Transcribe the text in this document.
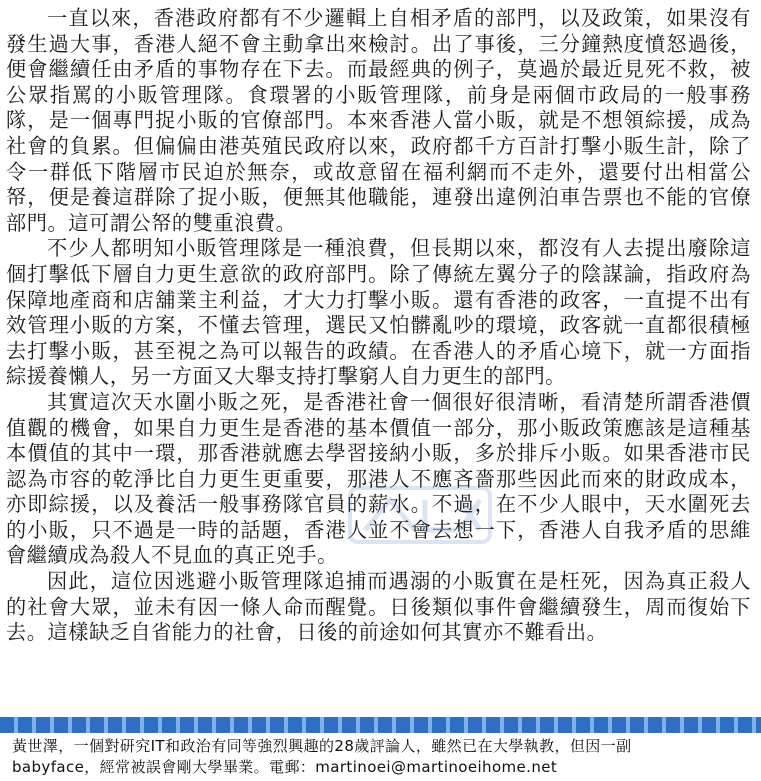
一直以來，香港政府都有不少邏輯上自相矛盾的部門，以及政策，如果沒有發生過大事，香港人絕不會主動拿出來檢討。出了事後，三分鐘熱度憤怒過後，便會繼續任由矛盾的事物存在下去。而最經典的例子，莫過於最近見死不救，被公眾指罵的小販管理隊。食環署的小販管理隊，前身是兩個市政局的一般事務隊，是一個專門捉小販的官僚部門。本來香港人當小販，就是不想領綜援，成為社會的負累。但偏偏由港英殖民政府以來，政府都千方百計打擊小販生計，除了令一群低下階層市民迫於無奈，或故意留在福利網而不走外，還要付出相當公帑，便是養這群除了捉小販，便無其他職能，連發出違例泊車告票也不能的官僚部門。這可謂公帑的雙重浪費。

不少人都明知小販管理隊是一種浪費，但長期以來，都沒有人去提出廢除這個打擊低下層自力更生意欲的政府部門。除了傳統左翼分子的陰謀論，指政府為保障地產商和店舖業主利益，才大力打擊小販。還有香港的政客，一直提不出有效管理小販的方案，不懂去管理，選民又怕髒亂吵的環境，政客就一直都很積極去打擊小販，甚至視之為可以報告的政績。在香港人的矛盾心境下，就一方面指綜援養懶人，另一方面又大舉支持打擊窮人自力更生的部門。

其實這次天水圍小販之死，是香港社會一個很好很清晰，看清楚所謂香港價值觀的機會，如果自力更生是香港的基本價值一部分，那小販政策應該是這種基本價值的其中一環，那香港就應去學習接納小販，多於排斥小販。如果香港市民認為市容的乾淨比自力更生更重要，那港人不應吝嗇那些因此而來的財政成本，亦即綜援，以及養活一般事務隊官員的薪水。不過，在不少人眼中，天水圍死去的小販，只不過是一時的話題，香港人並不會去想一下，香港人自我矛盾的思維會繼續成為殺人不見血的真正兇手。

因此，這位因逃避小販管理隊追捕而遇溺的小販實在是枉死，因為真正殺人的社會大眾，並未有因一條人命而醒覺。日後類似事件會繼續發生，周而復始下去。這樣缺乏自省能力的社會，日後的前途如何其實亦不難看出。

黃世澤，一個對研究IT和政治有同等強烈興趣的28歲評論人，雖然已在大學執教，但因一副
babyface，經常被誤會剛大學畢業。電郵：martinoei@martinoeihome.net
